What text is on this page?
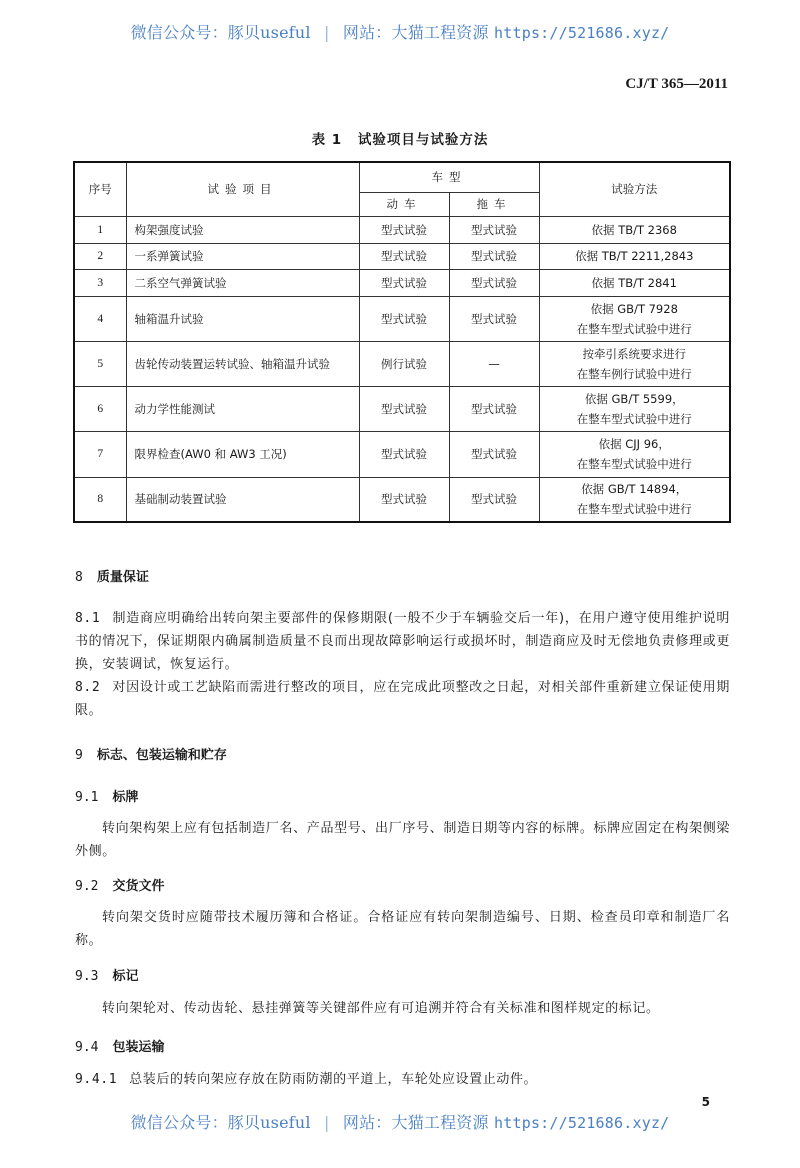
微信公众号：豚贝useful | 网站：大猫工程资源 https://521686.xyz/
CJ/T 365—2011
表 1 试验项目与试验方法
序号	试验项目	车型		试验方法
		动车	拖车	
1	构架强度试验	型式试验	型式试验	依据 TB/T 2368

2	一系弹簧试验	型式试验	型式试验	依据 TB/T 2211,2843

3	二系空气弹簧试验	型式试验	型式试验	依据 TB/T 2841

4	轴箱温升试验	型式试验	型式试验	依据 GB/T 7928
在整车型式试验中进行

5	齿轮传动装置运转试验、轴箱温升试验	例行试验	—	按牵引系统要求进行
在整车例行试验中进行

6	动力学性能测试	型式试验	型式试验	依据 GB/T 5599，
在整车型式试验中进行

7	限界检查(AW0 和 AW3 工况)	型式试验	型式试验	依据 CJJ 96，
在整车型式试验中进行

8	基础制动装置试验	型式试验	型式试验	依据 GB/T 14894，
在整车型式试验中进行
8 质量保证
8.1 制造商应明确给出转向架主要部件的保修期限(一般不少于车辆验交后一年)，在用户遵守使用维护说明书的情况下，保证期限内确属制造质量不良而出现故障影响运行或损坏时，制造商应及时无偿地负责修理或更换，安装调试，恢复运行。
8.2 对因设计或工艺缺陷而需进行整改的项目，应在完成此项整改之日起，对相关部件重新建立保证使用期限。
9 标志、包装运输和贮存
9.1 标牌
转向架构架上应有包括制造厂名、产品型号、出厂序号、制造日期等内容的标牌。标牌应固定在构架侧梁外侧。
9.2 交货文件
转向架交货时应随带技术履历簿和合格证。合格证应有转向架制造编号、日期、检查员印章和制造厂名称。
9.3 标记
转向架轮对、传动齿轮、悬挂弹簧等关键部件应有可追溯并符合有关标准和图样规定的标记。
9.4 包装运输
9.4.1 总装后的转向架应存放在防雨防潮的平道上，车轮处应设置止动件。
5
微信公众号：豚贝useful | 网站：大猫工程资源 https://521686.xyz/
